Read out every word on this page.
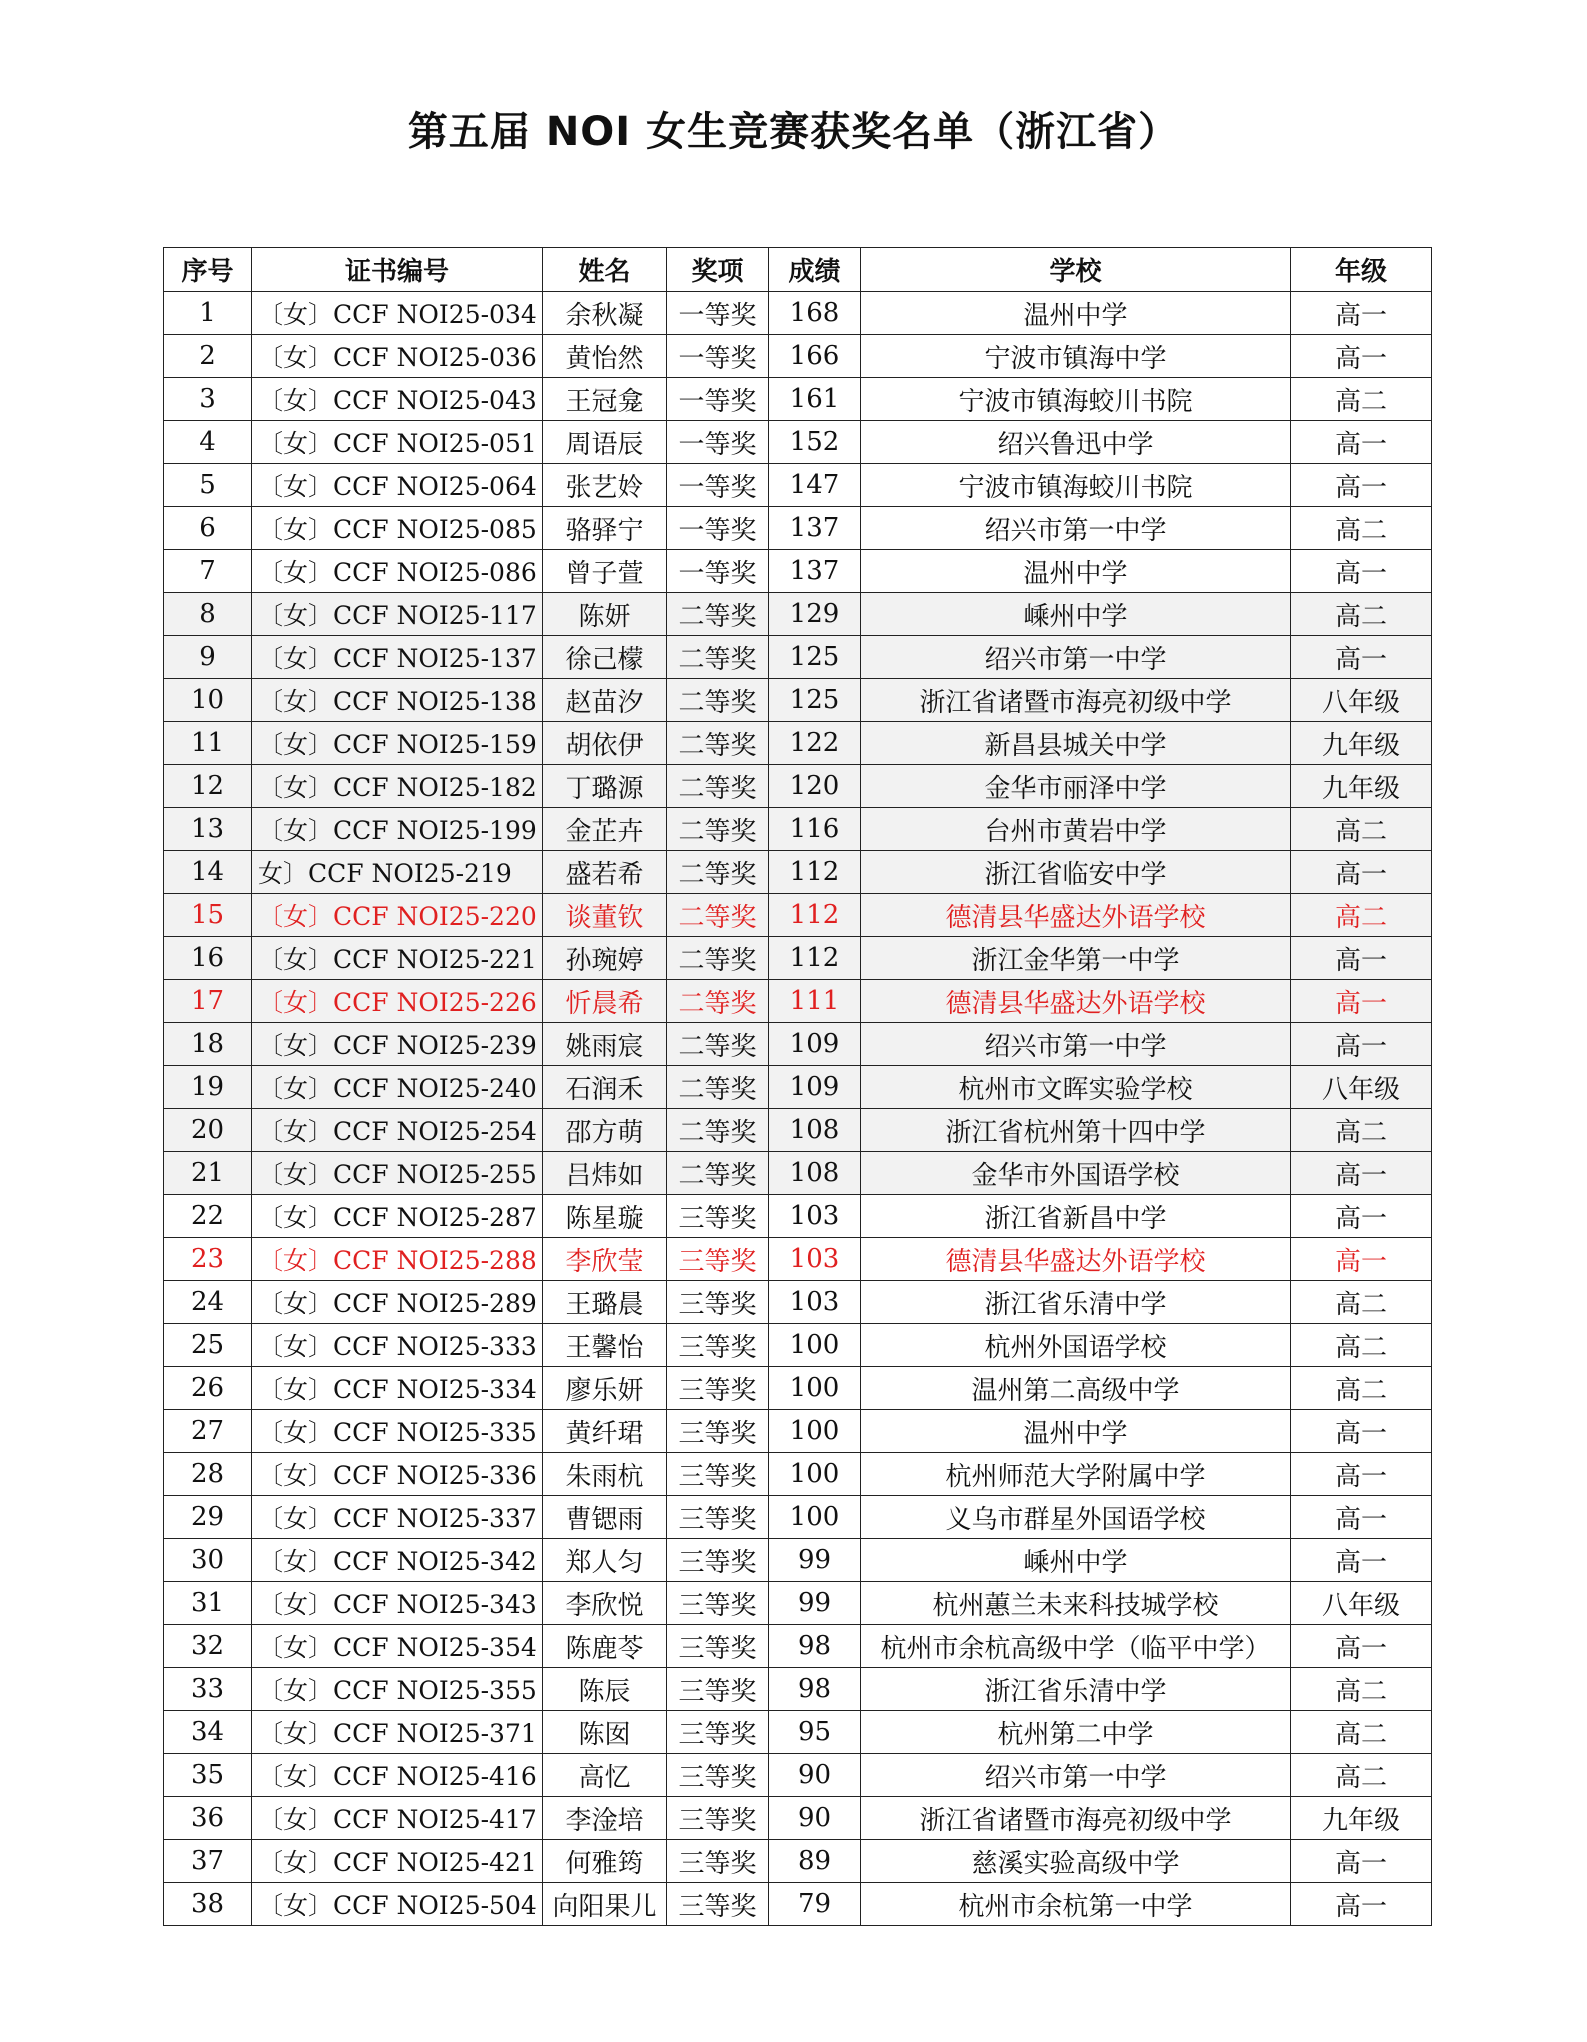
第五届 NOI 女生竞赛获奖名单（浙江省）
序号	证书编号	姓名	奖项	成绩	学校	年级
1	〔女〕CCF NOI25-034	余秋凝	一等奖	168	温州中学	高一
2	〔女〕CCF NOI25-036	黄怡然	一等奖	166	宁波市镇海中学	高一
3	〔女〕CCF NOI25-043	王冠龛	一等奖	161	宁波市镇海蛟川书院	高二
4	〔女〕CCF NOI25-051	周语辰	一等奖	152	绍兴鲁迅中学	高一
5	〔女〕CCF NOI25-064	张艺姈	一等奖	147	宁波市镇海蛟川书院	高一
6	〔女〕CCF NOI25-085	骆驿宁	一等奖	137	绍兴市第一中学	高二
7	〔女〕CCF NOI25-086	曾子萱	一等奖	137	温州中学	高一
8	〔女〕CCF NOI25-117	陈妍	二等奖	129	嵊州中学	高二
9	〔女〕CCF NOI25-137	徐己檬	二等奖	125	绍兴市第一中学	高一
10	〔女〕CCF NOI25-138	赵苗汐	二等奖	125	浙江省诸暨市海亮初级中学	八年级
11	〔女〕CCF NOI25-159	胡依伊	二等奖	122	新昌县城关中学	九年级
12	〔女〕CCF NOI25-182	丁璐源	二等奖	120	金华市丽泽中学	九年级
13	〔女〕CCF NOI25-199	金芷卉	二等奖	116	台州市黄岩中学	高二
14	女〕CCF NOI25-219	盛若希	二等奖	112	浙江省临安中学	高一
15	〔女〕CCF NOI25-220	谈董钦	二等奖	112	德清县华盛达外语学校	高二
16	〔女〕CCF NOI25-221	孙琬婷	二等奖	112	浙江金华第一中学	高一
17	〔女〕CCF NOI25-226	忻晨希	二等奖	111	德清县华盛达外语学校	高一
18	〔女〕CCF NOI25-239	姚雨宸	二等奖	109	绍兴市第一中学	高一
19	〔女〕CCF NOI25-240	石润禾	二等奖	109	杭州市文晖实验学校	八年级
20	〔女〕CCF NOI25-254	邵方萌	二等奖	108	浙江省杭州第十四中学	高二
21	〔女〕CCF NOI25-255	吕炜如	二等奖	108	金华市外国语学校	高一
22	〔女〕CCF NOI25-287	陈星璇	三等奖	103	浙江省新昌中学	高一
23	〔女〕CCF NOI25-288	李欣莹	三等奖	103	德清县华盛达外语学校	高一
24	〔女〕CCF NOI25-289	王璐晨	三等奖	103	浙江省乐清中学	高二
25	〔女〕CCF NOI25-333	王馨怡	三等奖	100	杭州外国语学校	高二
26	〔女〕CCF NOI25-334	廖乐妍	三等奖	100	温州第二高级中学	高二
27	〔女〕CCF NOI25-335	黄纤珺	三等奖	100	温州中学	高一
28	〔女〕CCF NOI25-336	朱雨杭	三等奖	100	杭州师范大学附属中学	高一
29	〔女〕CCF NOI25-337	曹锶雨	三等奖	100	义乌市群星外国语学校	高一
30	〔女〕CCF NOI25-342	郑人匀	三等奖	99	嵊州中学	高一
31	〔女〕CCF NOI25-343	李欣悦	三等奖	99	杭州蕙兰未来科技城学校	八年级
32	〔女〕CCF NOI25-354	陈鹿苓	三等奖	98	杭州市余杭高级中学（临平中学）	高一
33	〔女〕CCF NOI25-355	陈辰	三等奖	98	浙江省乐清中学	高二
34	〔女〕CCF NOI25-371	陈囡	三等奖	95	杭州第二中学	高二
35	〔女〕CCF NOI25-416	高忆	三等奖	90	绍兴市第一中学	高二
36	〔女〕CCF NOI25-417	李淦培	三等奖	90	浙江省诸暨市海亮初级中学	九年级
37	〔女〕CCF NOI25-421	何雅筠	三等奖	89	慈溪实验高级中学	高一
38	〔女〕CCF NOI25-504	向阳果儿	三等奖	79	杭州市余杭第一中学	高一
